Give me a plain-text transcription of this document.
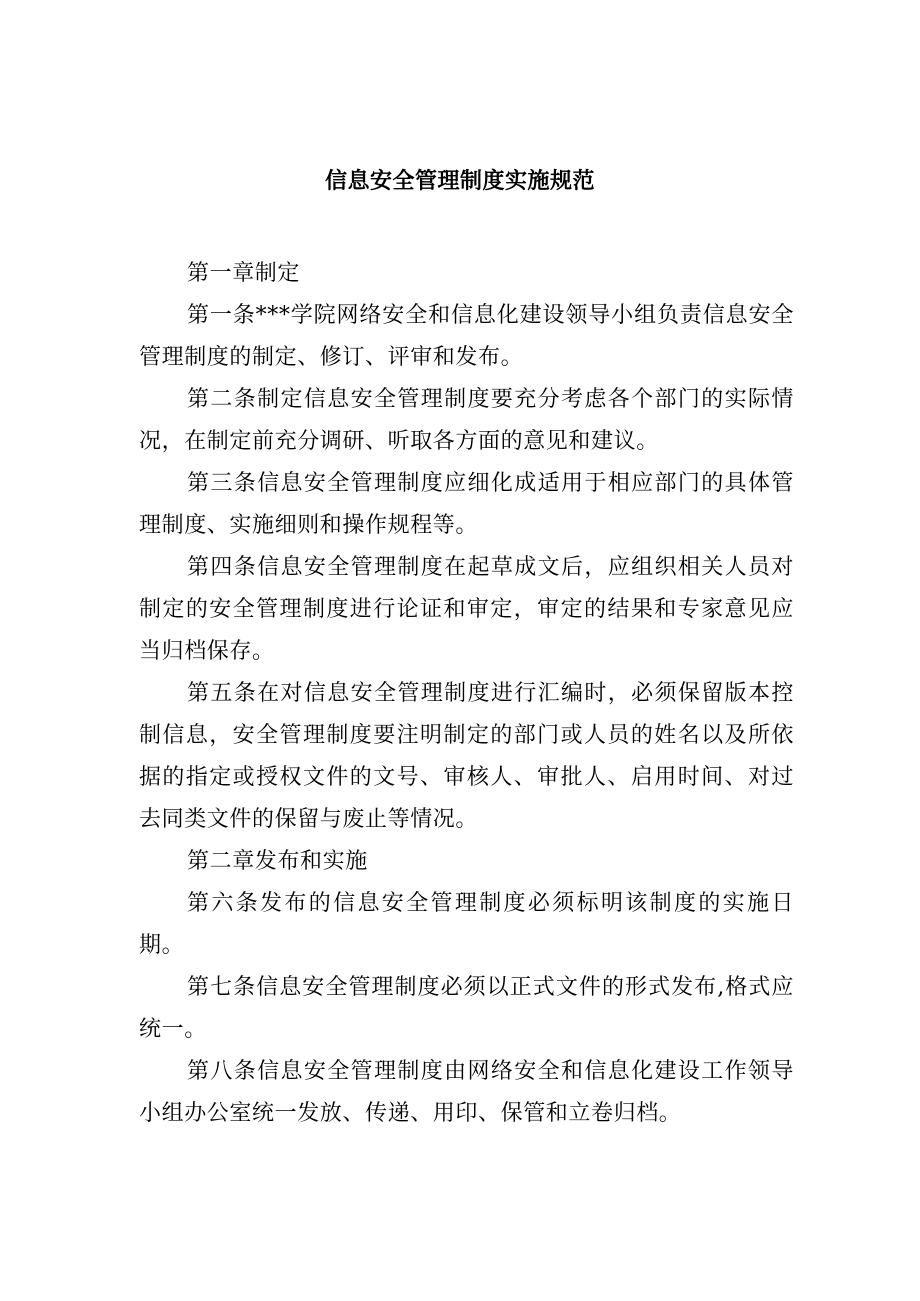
信息安全管理制度实施规范

第一章制定

第一条***学院网络安全和信息化建设领导小组负责信息安全管理制度的制定、修订、评审和发布。

第二条制定信息安全管理制度要充分考虑各个部门的实际情况，在制定前充分调研、听取各方面的意见和建议。

第三条信息安全管理制度应细化成适用于相应部门的具体管理制度、实施细则和操作规程等。

第四条信息安全管理制度在起草成文后，应组织相关人员对制定的安全管理制度进行论证和审定，审定的结果和专家意见应当归档保存。

第五条在对信息安全管理制度进行汇编时，必须保留版本控制信息，安全管理制度要注明制定的部门或人员的姓名以及所依据的指定或授权文件的文号、审核人、审批人、启用时间、对过去同类文件的保留与废止等情况。

第二章发布和实施

第六条发布的信息安全管理制度必须标明该制度的实施日期。

第七条信息安全管理制度必须以正式文件的形式发布,格式应统一。

第八条信息安全管理制度由网络安全和信息化建设工作领导小组办公室统一发放、传递、用印、保管和立卷归档。
